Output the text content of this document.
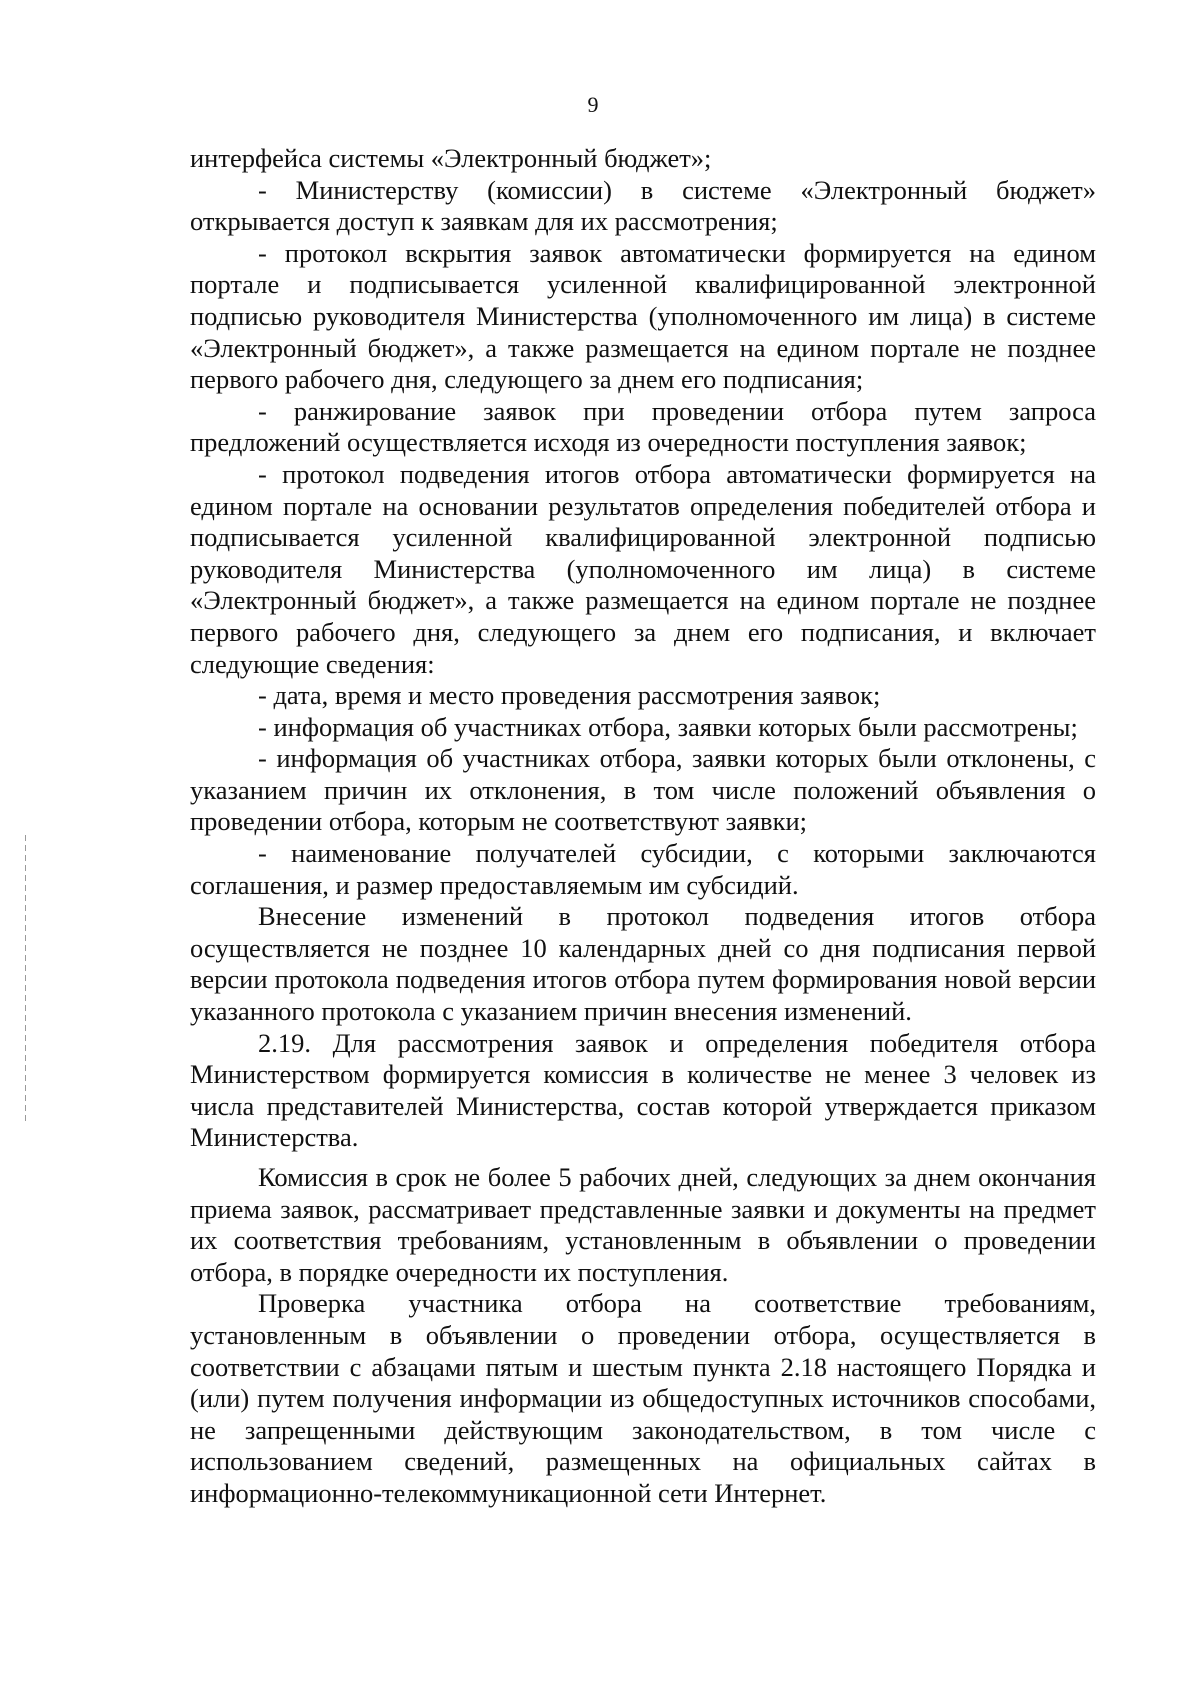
9

интерфейса системы «Электронный бюджет»;

- Министерству (комиссии) в системе «Электронный бюджет» открывается доступ к заявкам для их рассмотрения;

- протокол вскрытия заявок автоматически формируется на едином портале и подписывается усиленной квалифицированной электронной подписью руководителя Министерства (уполномоченного им лица) в системе «Электронный бюджет», а также размещается на едином портале не позднее первого рабочего дня, следующего за днем его подписания;

- ранжирование заявок при проведении отбора путем запроса предложений осуществляется исходя из очередности поступления заявок;

- протокол подведения итогов отбора автоматически формируется на едином портале на основании результатов определения победителей отбора и подписывается усиленной квалифицированной электронной подписью руководителя Министерства (уполномоченного им лица) в системе «Электронный бюджет», а также размещается на едином портале не позднее первого рабочего дня, следующего за днем его подписания, и включает следующие сведения:

- дата, время и место проведения рассмотрения заявок;

- информация об участниках отбора, заявки которых были рассмотрены;

- информация об участниках отбора, заявки которых были отклонены, с указанием причин их отклонения, в том числе положений объявления о проведении отбора, которым не соответствуют заявки;

- наименование получателей субсидии, с которыми заключаются соглашения, и размер предоставляемым им субсидий.

Внесение изменений в протокол подведения итогов отбора осуществляется не позднее 10 календарных дней со дня подписания первой версии протокола подведения итогов отбора путем формирования новой версии указанного протокола с указанием причин внесения изменений.

2.19. Для рассмотрения заявок и определения победителя отбора Министерством формируется комиссия в количестве не менее 3 человек из числа представителей Министерства, состав которой утверждается приказом Министерства.

Комиссия в срок не более 5 рабочих дней, следующих за днем окончания приема заявок, рассматривает представленные заявки и документы на предмет их соответствия требованиям, установленным в объявлении о проведении отбора, в порядке очередности их поступления.

Проверка участника отбора на соответствие требованиям, установленным в объявлении о проведении отбора, осуществляется в соответствии с абзацами пятым и шестым пункта 2.18 настоящего Порядка и (или) путем получения информации из общедоступных источников способами, не запрещенными действующим законодательством, в том числе с использованием сведений, размещенных на официальных сайтах в информационно-телекоммуникационной сети Интернет.
